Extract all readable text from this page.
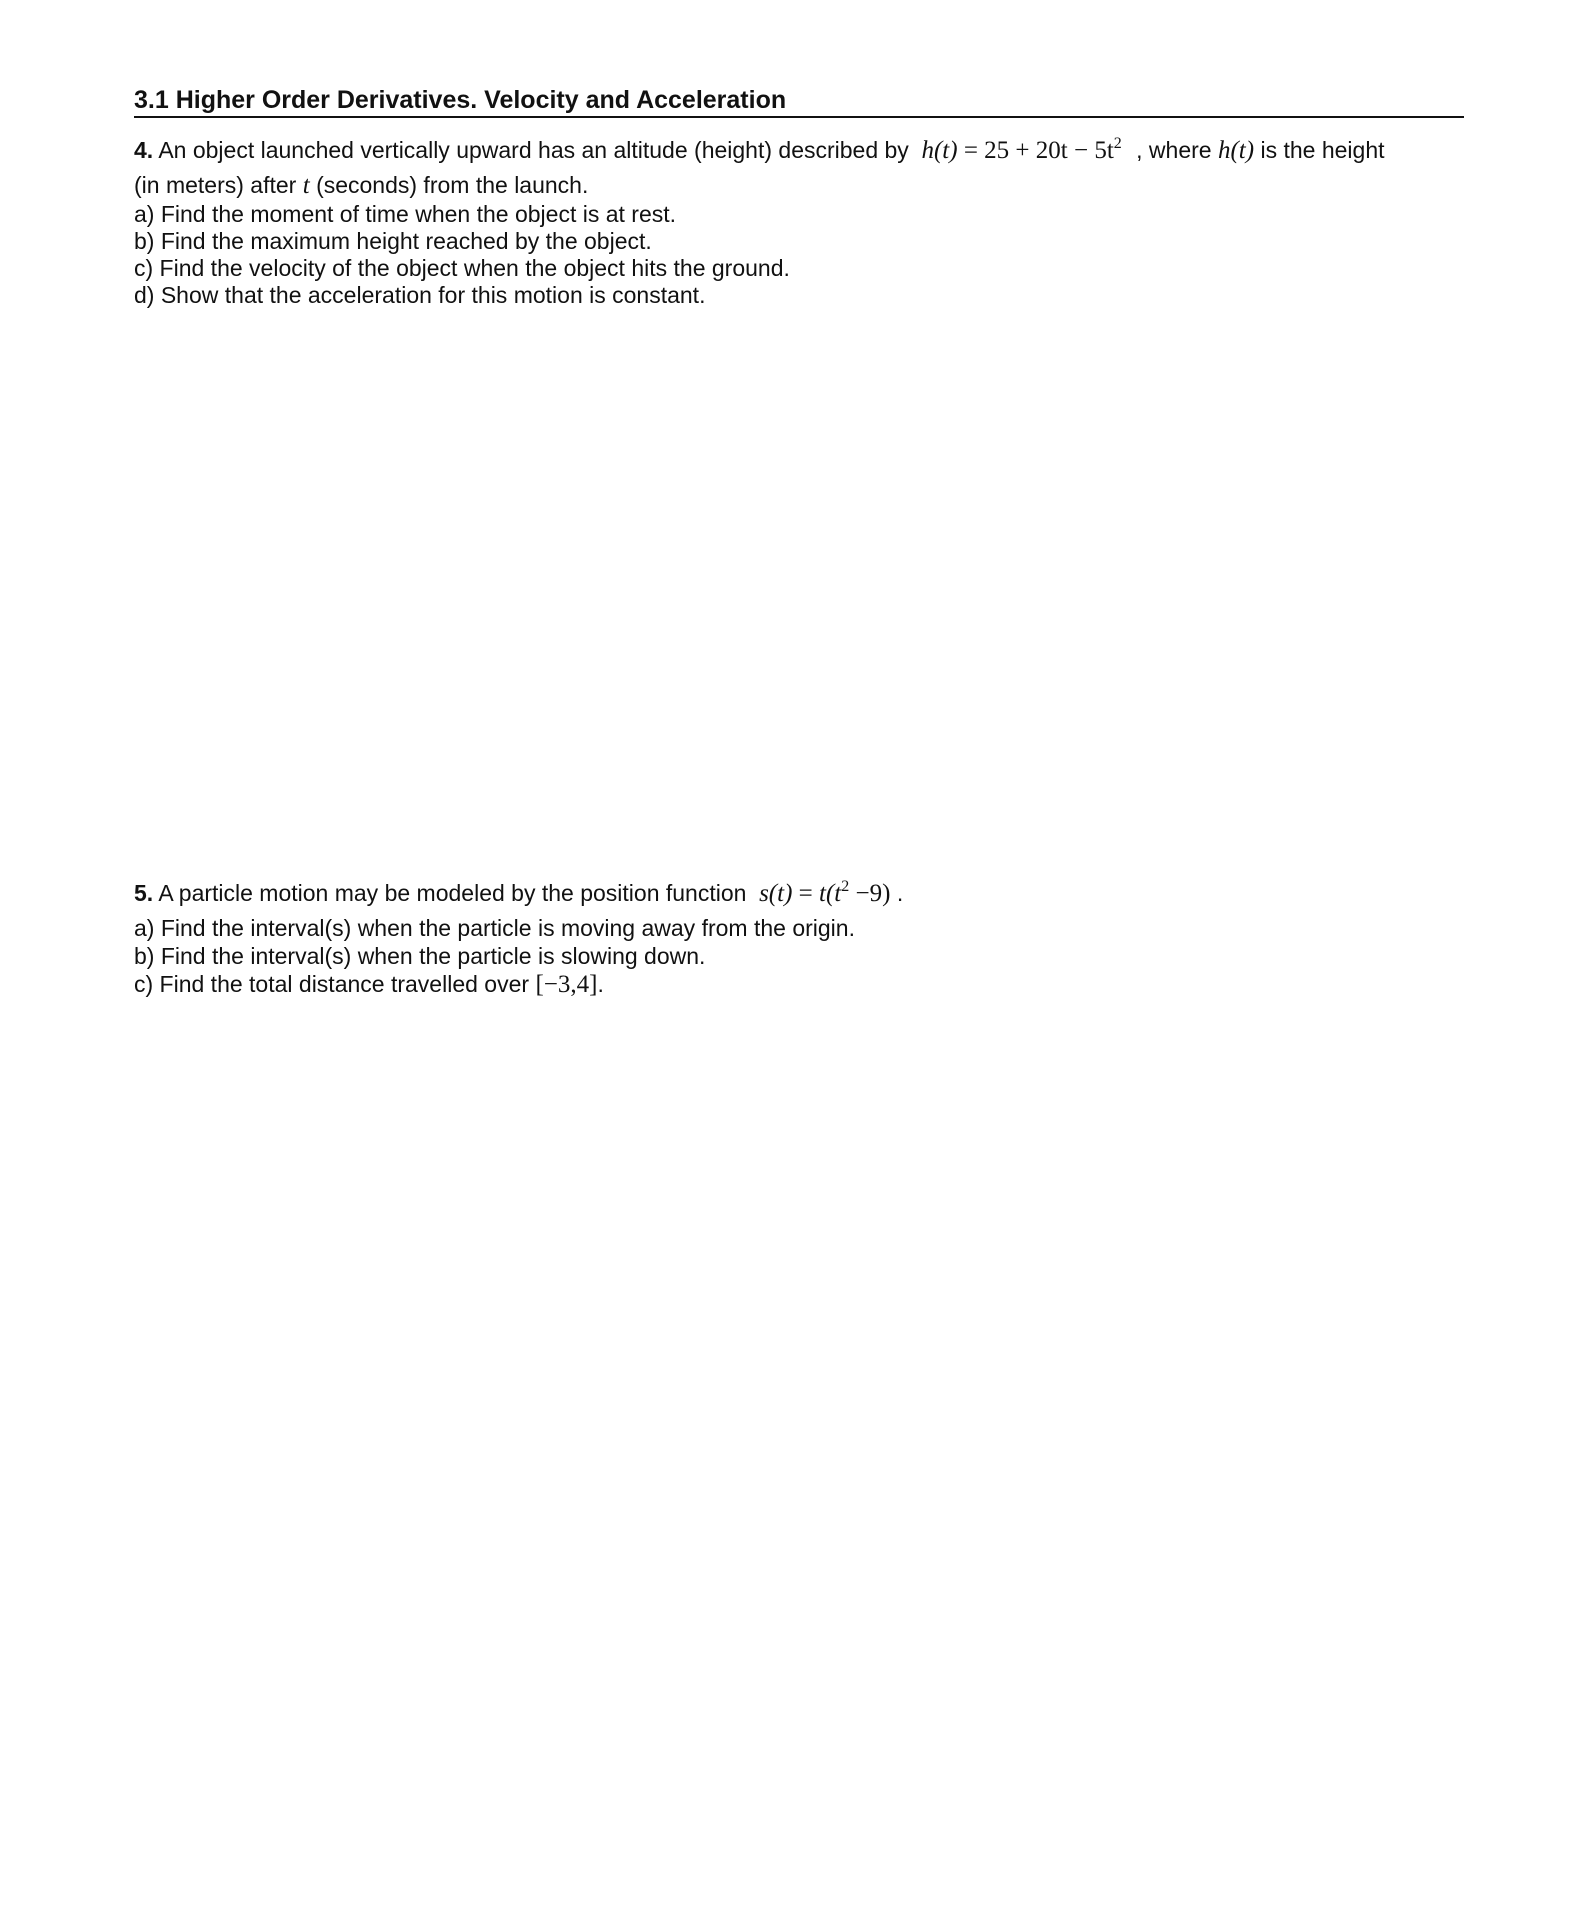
3.1 Higher Order Derivatives. Velocity and Acceleration
4. An object launched vertically upward has an altitude (height) described by $h(t) = 25 + 20t - 5t^2$ , where h(t) is the height
(in meters) after t (seconds) from the launch.
a) Find the moment of time when the object is at rest.
b) Find the maximum height reached by the object.
c) Find the velocity of the object when the object hits the ground.
d) Show that the acceleration for this motion is constant.
5. A particle motion may be modeled by the position function $s(t) = t(t^2 -9)$ .
a) Find the interval(s) when the particle is moving away from the origin.
b) Find the interval(s) when the particle is slowing down.
c) Find the total distance travelled over [−3,4].
